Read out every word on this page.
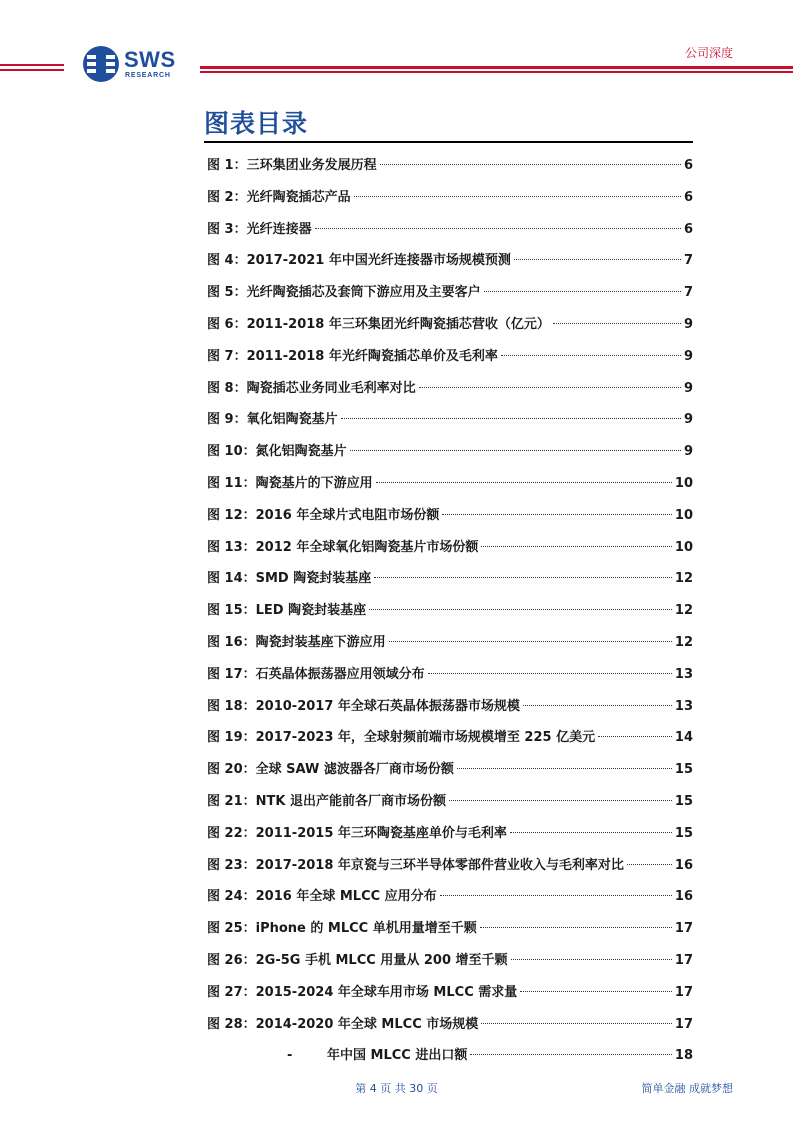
SWS
RESEARCH
公司深度
图表目录
图 1：三环集团业务发展历程	6
图 2：光纤陶瓷插芯产品	6
图 3：光纤连接器	6
图 4：2017-2021 年中国光纤连接器市场规模预测	7
图 5：光纤陶瓷插芯及套筒下游应用及主要客户	7
图 6：2011-2018 年三环集团光纤陶瓷插芯营收（亿元）	9
图 7：2011-2018 年光纤陶瓷插芯单价及毛利率	9
图 8：陶瓷插芯业务同业毛利率对比	9
图 9：氧化铝陶瓷基片	9
图 10：氮化铝陶瓷基片	9
图 11：陶瓷基片的下游应用	10
图 12：2016 年全球片式电阻市场份额	10
图 13：2012 年全球氧化铝陶瓷基片市场份额	10
图 14：SMD 陶瓷封装基座	12
图 15：LED 陶瓷封装基座	12
图 16：陶瓷封装基座下游应用	12
图 17：石英晶体振荡器应用领域分布	13
图 18：2010-2017 年全球石英晶体振荡器市场规模	13
图 19：2017-2023 年，全球射频前端市场规模增至 225 亿美元	14
图 20：全球 SAW 滤波器各厂商市场份额	15
图 21：NTK 退出产能前各厂商市场份额	15
图 22：2011-2015 年三环陶瓷基座单价与毛利率	15
图 23：2017-2018 年京瓷与三环半导体零部件营业收入与毛利率对比	16
图 24：2016 年全球 MLCC 应用分布	16
图 25：iPhone 的 MLCC 单机用量增至千颗	17
图 26：2G-5G 手机 MLCC 用量从 200 增至千颗	17
图 27：2015-2024 年全球车用市场 MLCC 需求量	17
图 28：2014-2020 年全球 MLCC 市场规模	17
-	年中国 MLCC 进出口额	18
第 4 页 共 30 页	简单金融 成就梦想
